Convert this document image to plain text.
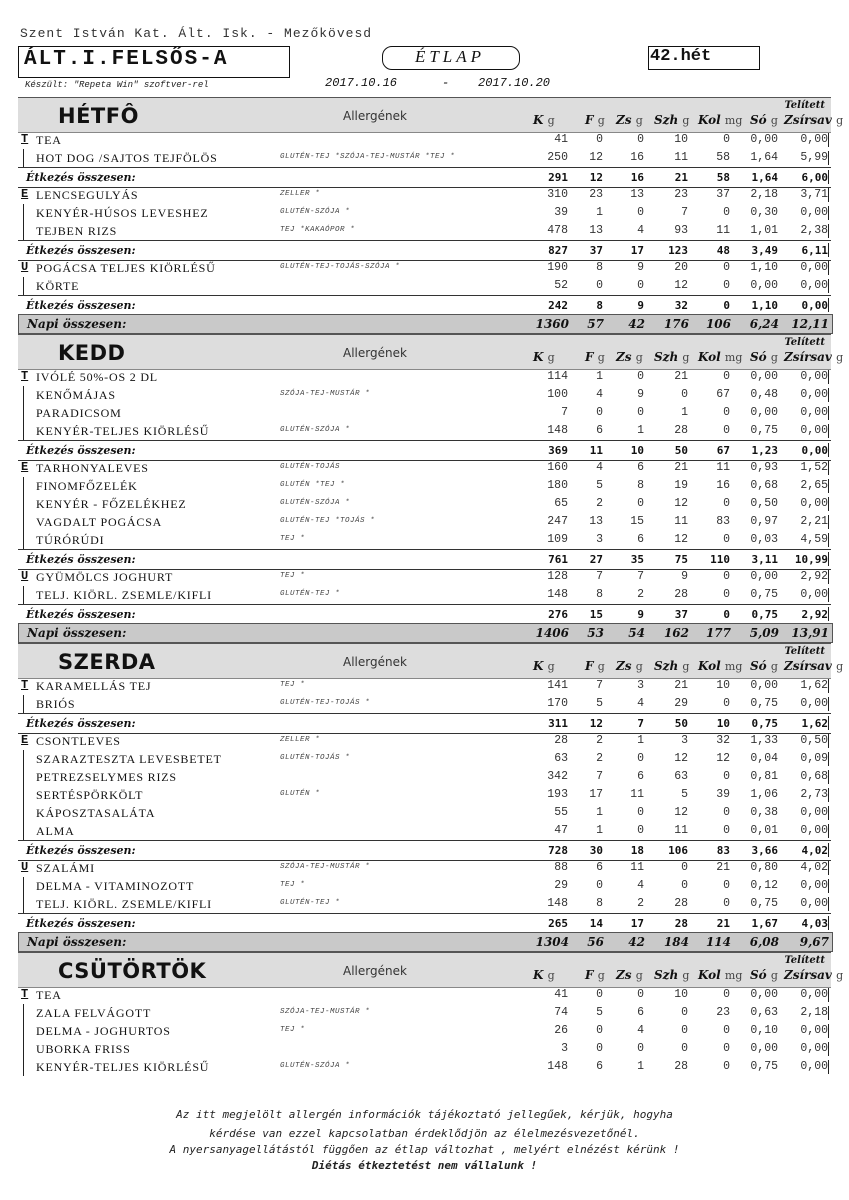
Szent István Kat. Ált. Isk. - Mezőkövesd
ÁLT.I.FELSŐS-A
Készült: "Repeta Win" szoftver-rel
ÉTLAP	42.hét
2017.10.16	- 2017.10.20
HÉTFÔ	Allergének
Telített
K g	F g Zs g Szh g Kol mg Só g Zsírsav g
T TEA	41	0	0	10	0	0,00	0,00
HOT DOG /SAJTOS TEJFÖLÖS	GLUTÉN-TEJ *SZÓJA-TEJ-MUSTÁR *TEJ *	250	12	16	11	58	1,64	5,99
Étkezés összesen:	291	12	16	21	58	1,64	6,00
E LENCSEGULYÁS	ZELLER *	310	23	13	23	37	2,18	3,71
KENYÉR-HÚSOS LEVESHEZ	GLUTÉN-SZÓJA *	39	1	0	7	0	0,30	0,00
TEJBEN RIZS	TEJ *KAKAÓPOR *	478	13	4	93	11	1,01	2,38
Étkezés összesen:	827	37	17	123	48	3,49	6,11
U POGÁCSA TELJES KIÖRLÉSŰ	GLUTÉN-TEJ-TOJÁS-SZÓJA *	190	8	9	20	0	1,10	0,00
KÖRTE	52	0	0	12	0	0,00	0,00
Étkezés összesen:	242	8	9	32	0	1,10	0,00
Napi összesen:	1360	57	42	176	106	6,24	12,11
KEDD	Allergének
Telített
K g	F g Zs g Szh g Kol mg Só g Zsírsav g
T IVÓLÉ 50%-OS 2 DL	114	1	0	21	0	0,00	0,00
KENŐMÁJAS	SZÓJA-TEJ-MUSTÁR *	100	4	9	0	67	0,48	0,00
PARADICSOM	7	0	0	1	0	0,00	0,00
KENYÉR-TELJES KIÖRLÉSŰ	GLUTÉN-SZÓJA *	148	6	1	28	0	0,75	0,00
Étkezés összesen:	369	11	10	50	67	1,23	0,00
E TARHONYALEVES	GLUTÉN-TOJÁS	160	4	6	21	11	0,93	1,52
FINOMFŐZELÉK	GLUTÉN *TEJ *	180	5	8	19	16	0,68	2,65
KENYÉR - FŐZELÉKHEZ	GLUTÉN-SZÓJA *	65	2	0	12	0	0,50	0,00
VAGDALT POGÁCSA	GLUTÉN-TEJ *TOJÁS *	247	13	15	11	83	0,97	2,21
TÚRÓRÚDI	TEJ *	109	3	6	12	0	0,03	4,59
Étkezés összesen:	761	27	35	75	110	3,11	10,99
U GYÜMÖLCS JOGHURT	TEJ *	128	7	7	9	0	0,00	2,92
TELJ. KIÖRL. ZSEMLE/KIFLI	GLUTÉN-TEJ *	148	8	2	28	0	0,75	0,00
Étkezés összesen:	276	15	9	37	0	0,75	2,92
Napi összesen:	1406	53	54	162	177	5,09	13,91
SZERDA	Allergének
Telített
K g	F g Zs g Szh g Kol mg Só g Zsírsav g
T KARAMELLÁS TEJ	TEJ *	141	7	3	21	10	0,00	1,62
BRIÓS	GLUTÉN-TEJ-TOJÁS *	170	5	4	29	0	0,75	0,00
Étkezés összesen:	311	12	7	50	10	0,75	1,62
E CSONTLEVES	ZELLER *	28	2	1	3	32	1,33	0,50
SZARAZTESZTA LEVESBETET	GLUTÉN-TOJÁS *	63	2	0	12	12	0,04	0,09
PETREZSELYMES RIZS	342	7	6	63	0	0,81	0,68
SERTÉSPÖRKÖLT	GLUTÉN *	193	17	11	5	39	1,06	2,73
KÁPOSZTASALÁTA	55	1	0	12	0	0,38	0,00
ALMA	47	1	0	11	0	0,01	0,00
Étkezés összesen:	728	30	18	106	83	3,66	4,02
U SZALÁMI	SZÓJA-TEJ-MUSTÁR *	88	6	11	0	21	0,80	4,02
DELMA - VITAMINOZOTT	TEJ *	29	0	4	0	0	0,12	0,00
TELJ. KIÖRL. ZSEMLE/KIFLI	GLUTÉN-TEJ *	148	8	2	28	0	0,75	0,00
Étkezés összesen:	265	14	17	28	21	1,67	4,03
Napi összesen:	1304	56	42	184	114	6,08	9,67
CSÜTÖRTÖK	Allergének
Telített
K g	F g Zs g Szh g Kol mg Só g Zsírsav g
T TEA	41	0	0	10	0	0,00	0,00
ZALA FELVÁGOTT	SZÓJA-TEJ-MUSTÁR *	74	5	6	0	23	0,63	2,18
DELMA - JOGHURTOS	TEJ *	26	0	4	0	0	0,10	0,00
UBORKA FRISS	3	0	0	0	0	0,00	0,00
KENYÉR-TELJES KIÖRLÉSŰ	GLUTÉN-SZÓJA *	148	6	1	28	0	0,75	0,00
Az itt megjelölt allergén információk tájékoztató jellegűek, kérjük, hogyha
kérdése van ezzel kapcsolatban érdeklődjön az élelmezésvezetőnél.
A nyersanyagellátástól függően az étlap változhat , melyért elnézést kérünk !
Diétás étkeztetést nem vállalunk !
